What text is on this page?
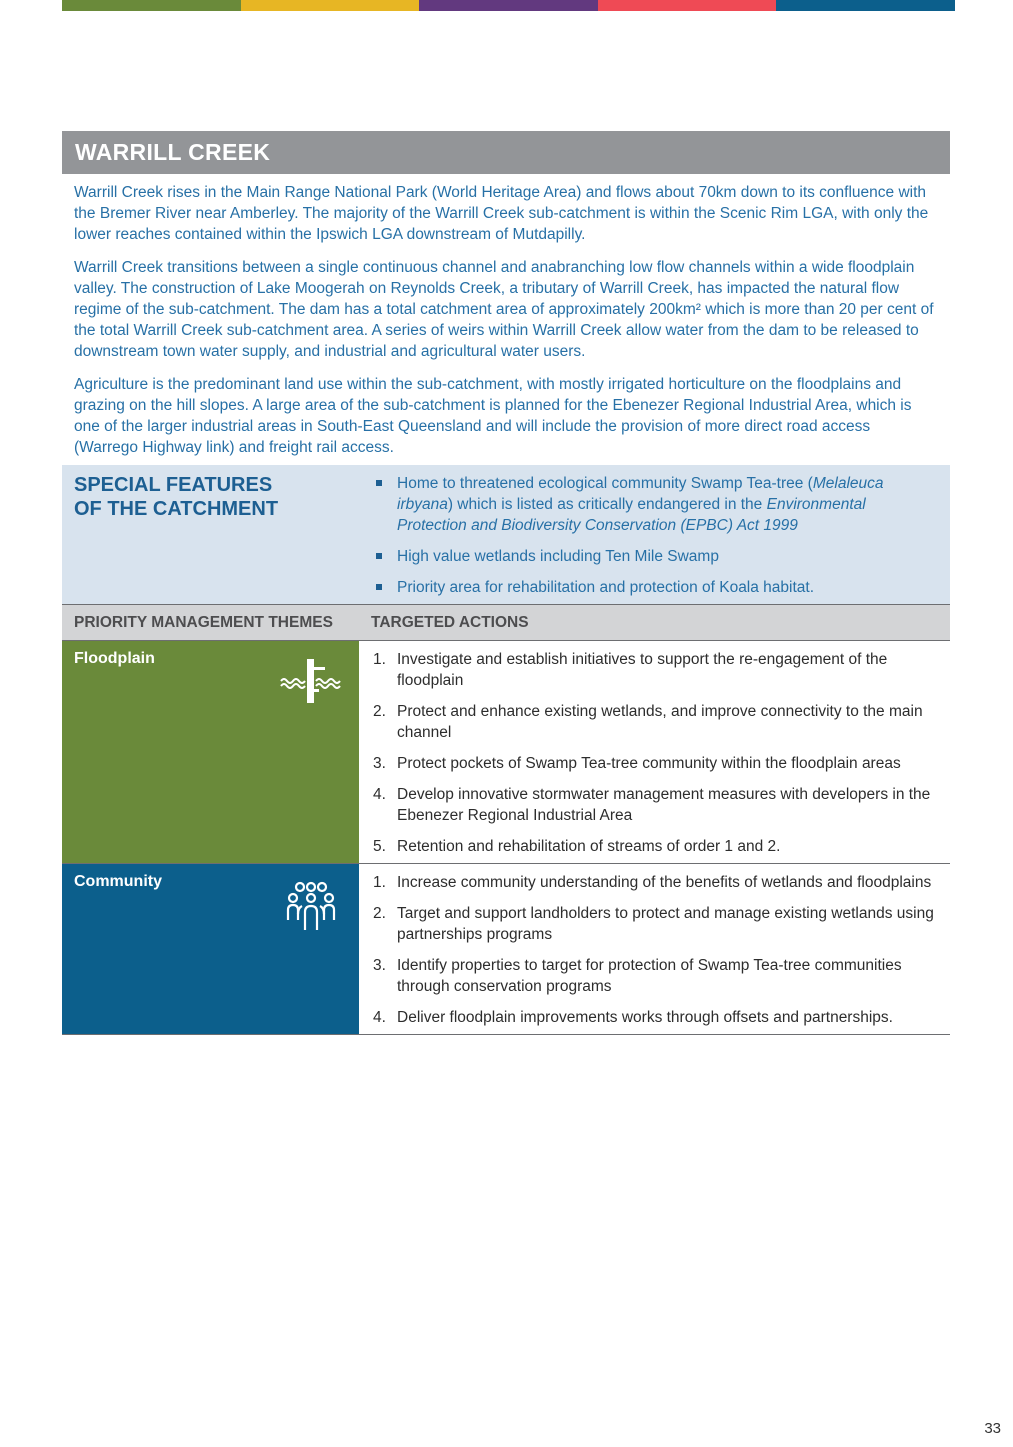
WARRILL CREEK

Warrill Creek rises in the Main Range National Park (World Heritage Area) and flows about 70km down to its confluence with the Bremer River near Amberley. The majority of the Warrill Creek sub-catchment is within the Scenic Rim LGA, with only the lower reaches contained within the Ipswich LGA downstream of Mutdapilly.

Warrill Creek transitions between a single continuous channel and anabranching low flow channels within a wide floodplain valley. The construction of Lake Moogerah on Reynolds Creek, a tributary of Warrill Creek, has impacted the natural flow regime of the sub-catchment. The dam has a total catchment area of approximately 200km² which is more than 20 per cent of the total Warrill Creek sub-catchment area. A series of weirs within Warrill Creek allow water from the dam to be released to downstream town water supply, and industrial and agricultural water users.

Agriculture is the predominant land use within the sub-catchment, with mostly irrigated horticulture on the floodplains and grazing on the hill slopes. A large area of the sub-catchment is planned for the Ebenezer Regional Industrial Area, which is one of the larger industrial areas in South-East Queensland and will include the provision of more direct road access (Warrego Highway link) and freight rail access.

SPECIAL FEATURES
OF THE CATCHMENT
Home to threatened ecological community Swamp Tea-tree (Melaleuca irbyana) which is listed as critically endangered in the Environmental Protection and Biodiversity Conservation (EPBC) Act 1999
High value wetlands including Ten Mile Swamp
Priority area for rehabilitation and protection of Koala habitat.
PRIORITY MANAGEMENT THEMES	TARGETED ACTIONS
Floodplain	1. Investigate and establish initiatives to support the re-engagement of the floodplain
2. Protect and enhance existing wetlands, and improve connectivity to the main channel
3. Protect pockets of Swamp Tea-tree community within the floodplain areas
4. Develop innovative stormwater management measures with developers in the Ebenezer Regional Industrial Area
5. Retention and rehabilitation of streams of order 1 and 2.
Community	1. Increase community understanding of the benefits of wetlands and floodplains
2. Target and support landholders to protect and manage existing wetlands using partnerships programs
3. Identify properties to target for protection of Swamp Tea-tree communities through conservation programs
4. Deliver floodplain improvements works through offsets and partnerships.
33
